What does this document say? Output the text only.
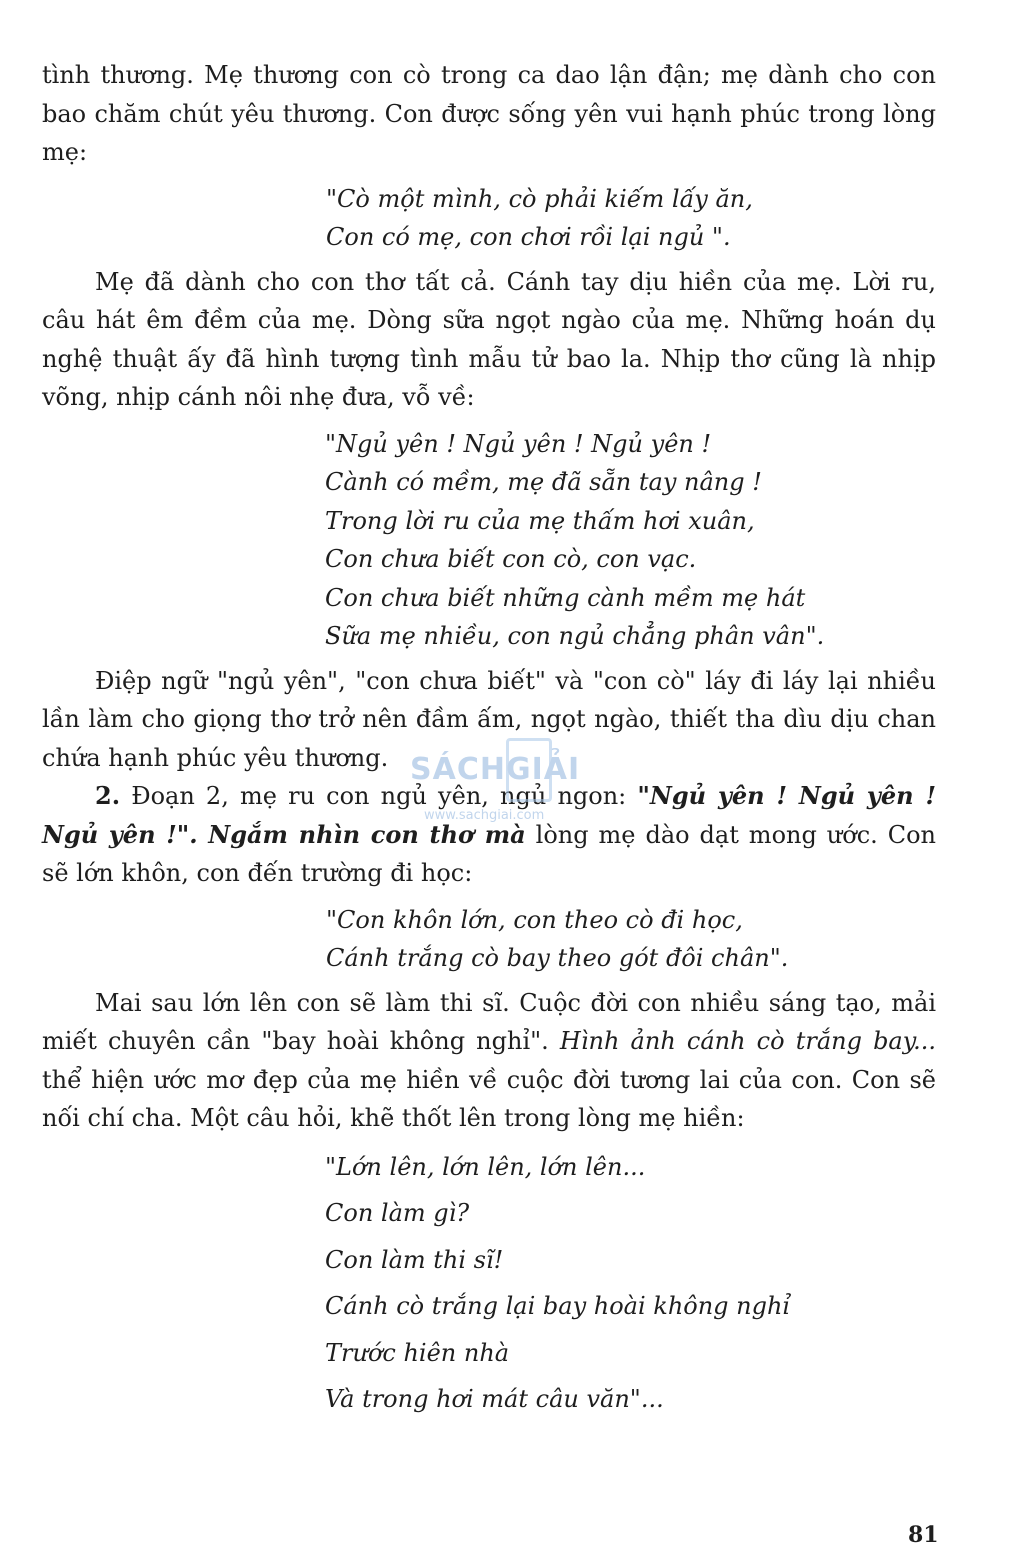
tình thương. Mẹ thương con cò trong ca dao lận đận; mẹ dành cho con bao chăm chút yêu thương. Con được sống yên vui hạnh phúc trong lòng mẹ:

"Cò một mình, cò phải kiếm lấy ăn,
Con có mẹ, con chơi rồi lại ngủ ".

Mẹ đã dành cho con thơ tất cả. Cánh tay dịu hiền của mẹ. Lời ru, câu hát êm đềm của mẹ. Dòng sữa ngọt ngào của mẹ. Những hoán dụ nghệ thuật ấy đã hình tượng tình mẫu tử bao la. Nhịp thơ cũng là nhịp võng, nhịp cánh nôi nhẹ đưa, vỗ về:

"Ngủ yên ! Ngủ yên ! Ngủ yên !
Cành có mềm, mẹ đã sẵn tay nâng !
Trong lời ru của mẹ thấm hơi xuân,
Con chưa biết con cò, con vạc.
Con chưa biết những cành mềm mẹ hát
Sữa mẹ nhiều, con ngủ chẳng phân vân".

Điệp ngữ "ngủ yên", "con chưa biết" và "con cò" láy đi láy lại nhiều lần làm cho giọng thơ trở nên đầm ấm, ngọt ngào, thiết tha dìu dịu chan chứa hạnh phúc yêu thương.

2. Đoạn 2, mẹ ru con ngủ yên, ngủ ngon: "Ngủ yên ! Ngủ yên ! Ngủ yên !". Ngắm nhìn con thơ mà lòng mẹ dào dạt mong ước. Con sẽ lớn khôn, con đến trường đi học:

"Con khôn lớn, con theo cò đi học,
Cánh trắng cò bay theo gót đôi chân".

Mai sau lớn lên con sẽ làm thi sĩ. Cuộc đời con nhiều sáng tạo, mải miết chuyên cần "bay hoài không nghỉ". Hình ảnh cánh cò trắng bay... thể hiện ước mơ đẹp của mẹ hiền về cuộc đời tương lai của con. Con sẽ nối chí cha. Một câu hỏi, khẽ thốt lên trong lòng mẹ hiền:

"Lớn lên, lớn lên, lớn lên...
Con làm gì?
Con làm thi sĩ!
Cánh cò trắng lại bay hoài không nghỉ
Trước hiên nhà
Và trong hơi mát câu văn"...
SÁCHGIẢI
www.sachgiai.com
81
